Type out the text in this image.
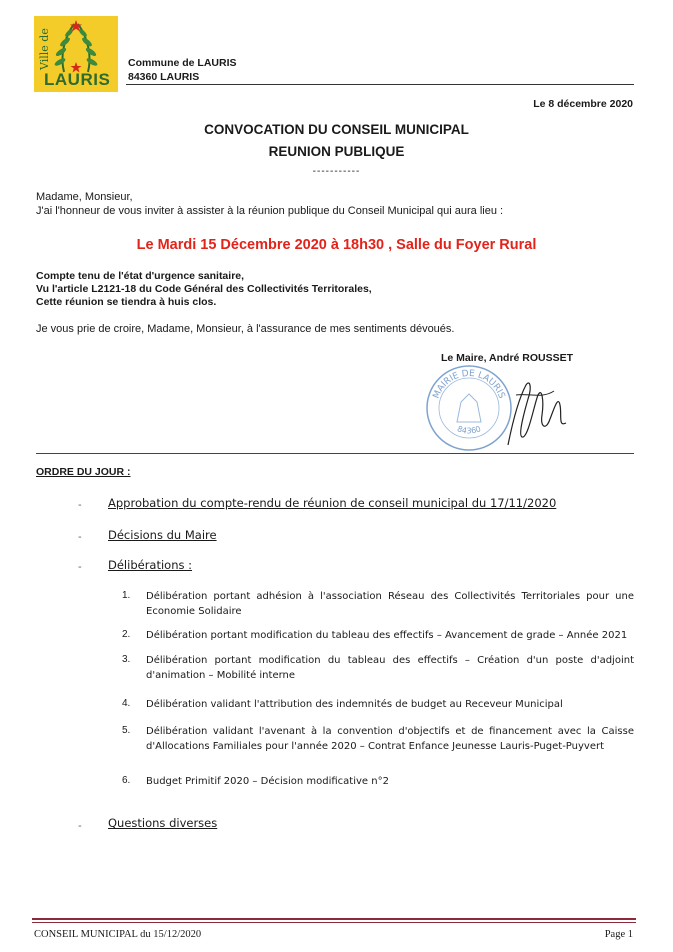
Ville de
LAURIS
Commune de LAURIS
84360 LAURIS
Le 8 décembre 2020
CONVOCATION DU CONSEIL MUNICIPAL
REUNION PUBLIQUE
-----------
Madame, Monsieur,
J'ai l'honneur de vous inviter à assister à la réunion publique du Conseil Municipal qui aura lieu :
Le Mardi 15 Décembre 2020 à 18h30 , Salle du Foyer Rural
Compte tenu de l'état d'urgence sanitaire,
Vu l'article L2121-18 du Code Général des Collectivités Territorales,
Cette réunion se tiendra à huis clos.
Je vous prie de croire, Madame, Monsieur, à l'assurance de mes sentiments dévoués.
MAIRIE DE LAURIS
84360
Le Maire, André ROUSSET
ORDRE DU JOUR :
- Approbation du compte-rendu de réunion de conseil municipal du 17/11/2020
- Décisions du Maire
- Délibérations :
1. Délibération portant adhésion à l'association Réseau des Collectivités Territoriales pour une Economie Solidaire
2. Délibération portant modification du tableau des effectifs – Avancement de grade – Année 2021
3. Délibération portant modification du tableau des effectifs – Création d'un poste d'adjoint d'animation – Mobilité interne
4. Délibération validant l'attribution des indemnités de budget au Receveur Municipal
5. Délibération validant l'avenant à la convention d'objectifs et de financement avec la Caisse d'Allocations Familiales pour l'année 2020 – Contrat Enfance Jeunesse Lauris-Puget-Puyvert
6. Budget Primitif 2020 – Décision modificative n°2
- Questions diverses
CONSEIL MUNICIPAL du 15/12/2020	Page 1
